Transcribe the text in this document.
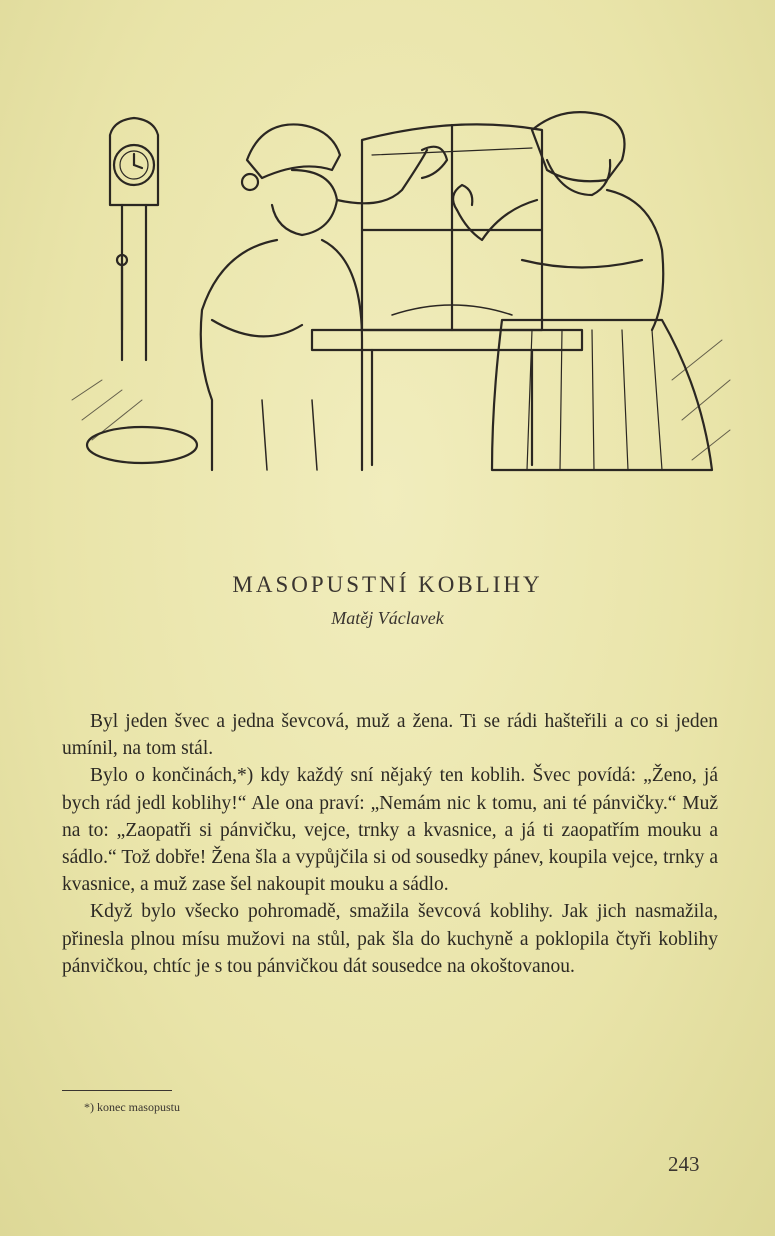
MASOPUSTNÍ KOBLIHY
Matěj Václavek

Byl jeden švec a jedna ševcová, muž a žena. Ti se rádi hašteřili a co si jeden umínil, na tom stál.

Bylo o končinách,*) kdy každý sní nějaký ten koblih. Švec povídá: „Ženo, já bych rád jedl koblihy!“ Ale ona praví: „Nemám nic k tomu, ani té pánvičky.“ Muž na to: „Zaopatři si pánvičku, vejce, trnky a kvasnice, a já ti zaopatřím mouku a sádlo.“ Tož dobře! Žena šla a vypůjčila si od sousedky pánev, koupila vejce, trnky a kvasnice, a muž zase šel nakoupit mouku a sádlo.

Když bylo všecko pohromadě, smažila ševcová koblihy. Jak jich nasmažila, přinesla plnou mísu mužovi na stůl, pak šla do kuchyně a poklopila čtyři koblihy pánvičkou, chtíc je s tou pánvičkou dát sousedce na okoštovanou.

*) konec masopustu
243
